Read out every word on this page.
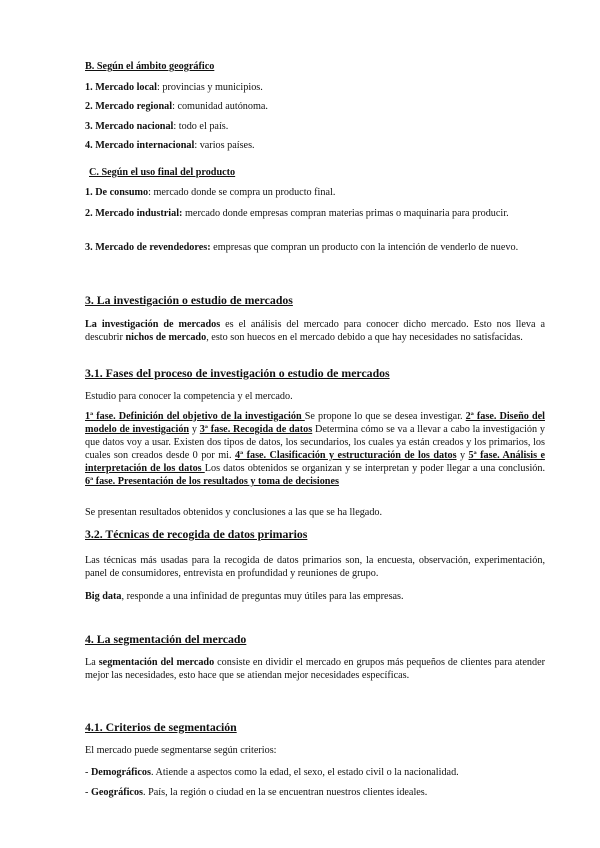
B. Según el ámbito geográfico

1. Mercado local: provincias y municipios.

2. Mercado regional: comunidad autónoma.

3. Mercado nacional: todo el país.

4. Mercado internacional: varios países.

C. Según el uso final del producto

1. De consumo: mercado donde se compra un producto final.

2. Mercado industrial: mercado donde empresas compran materias primas o maquinaria para producir.

3. Mercado de revendedores: empresas que compran un producto con la intención de venderlo de nuevo.

3. La investigación o estudio de mercados

La investigación de mercados es el análisis del mercado para conocer dicho mercado. Esto nos lleva a descubrir nichos de mercado, esto son huecos en el mercado debido a que hay necesidades no satisfacidas.

3.1. Fases del proceso de investigación o estudio de mercados

Estudio para conocer la competencia y el mercado.

1ª fase. Definición del objetivo de la investigación Se propone lo que se desea investigar. 2ª fase. Diseño del modelo de investigación y 3ª fase. Recogida de datos Determina cómo se va a llevar a cabo la investigación y que datos voy a usar. Existen dos tipos de datos, los secundarios, los cuales ya están creados y los primarios, los cuales son creados desde 0 por mi. 4ª fase. Clasificación y estructuración de los datos y 5ª fase. Análisis e interpretación de los datos Los datos obtenidos se organizan y se interpretan y poder llegar a una conclusión. 6ª fase. Presentación de los resultados y toma de decisiones

Se presentan resultados obtenidos y conclusiones a las que se ha llegado.

3.2. Técnicas de recogida de datos primarios

Las técnicas más usadas para la recogida de datos primarios son, la encuesta, observación, experimentación, panel de consumidores, entrevista en profundidad y reuniones de grupo.

Big data, responde a una infinidad de preguntas muy útiles para las empresas.

4. La segmentación del mercado

La segmentación del mercado consiste en dividir el mercado en grupos más pequeños de clientes para atender mejor las necesidades, esto hace que se atiendan mejor necesidades específicas.

4.1. Criterios de segmentación

El mercado puede segmentarse según criterios:

- Demográficos. Atiende a aspectos como la edad, el sexo, el estado civil o la nacionalidad.

- Geográficos. País, la región o ciudad en la se encuentran nuestros clientes ideales.
